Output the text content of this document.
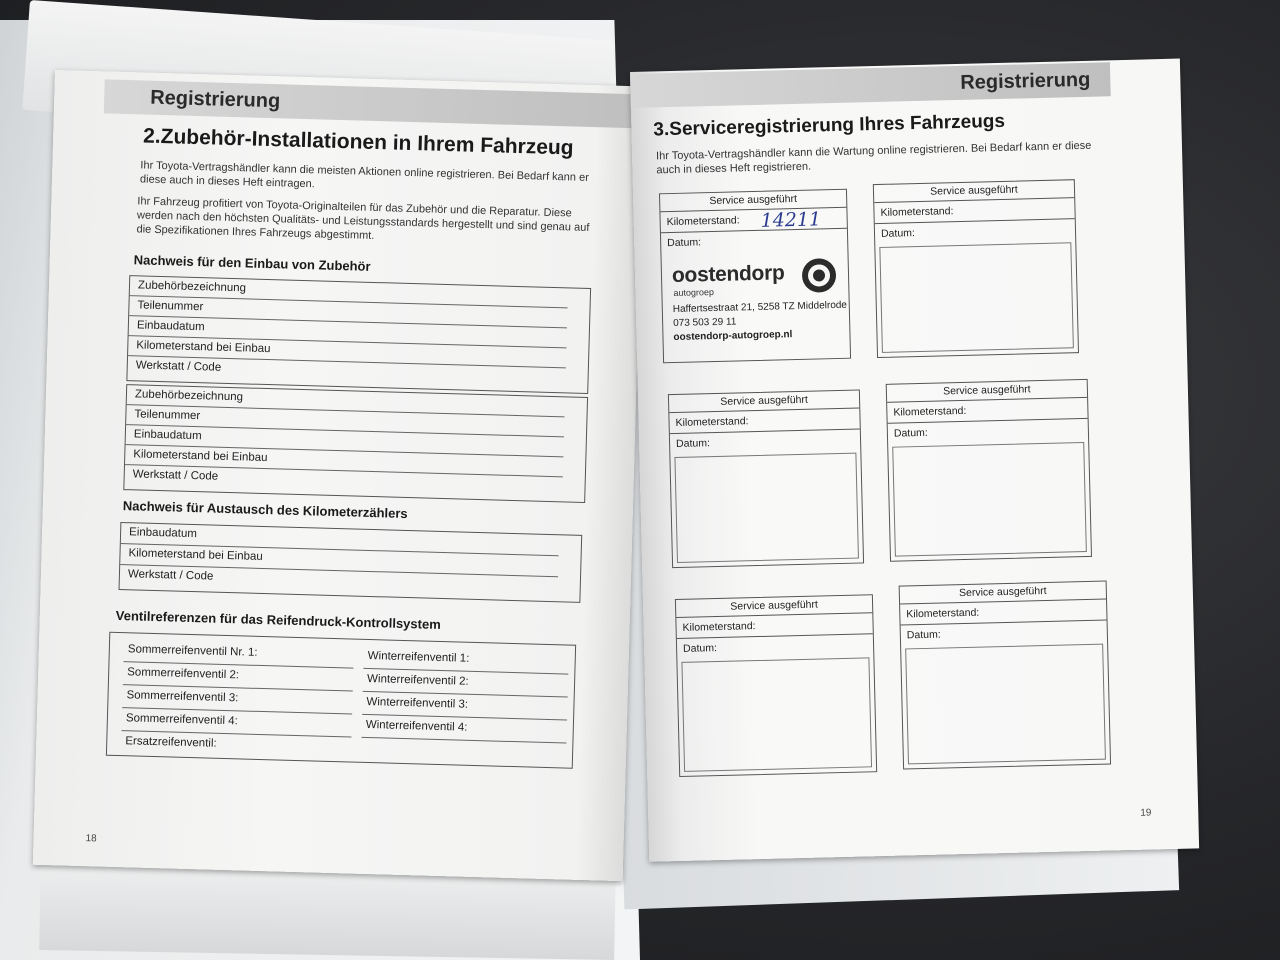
Registrierung
2.Zubehör-Installationen in Ihrem Fahrzeug
Ihr Toyota-Vertragshändler kann die meisten Aktionen online registrieren. Bei Bedarf kann er diese auch in dieses Heft eintragen.
Ihr Fahrzeug profitiert von Toyota-Originalteilen für das Zubehör und die Reparatur. Diese werden nach den höchsten Qualitäts- und Leistungsstandards hergestellt und sind genau auf die Spezifikationen Ihres Fahrzeugs abgestimmt.
Nachweis für den Einbau von Zubehör
Zubehörbezeichnung
Teilenummer
Einbaudatum
Kilometerstand bei Einbau
Werkstatt / Code
Zubehörbezeichnung
Teilenummer
Einbaudatum
Kilometerstand bei Einbau
Werkstatt / Code
Nachweis für Austausch des Kilometerzählers
Einbaudatum
Kilometerstand bei Einbau
Werkstatt / Code
Ventilreferenzen für das Reifendruck-Kontrollsystem
Sommerreifenventil Nr. 1:
Sommerreifenventil 2:
Sommerreifenventil 3:
Sommerreifenventil 4:
Ersatzreifenventil:
Winterreifenventil 1:
Winterreifenventil 2:
Winterreifenventil 3:
Winterreifenventil 4:
18
Registrierung
3.Serviceregistrierung Ihres Fahrzeugs
Ihr Toyota-Vertragshändler kann die Wartung online registrieren. Bei Bedarf kann er diese auch in dieses Heft registrieren.
Service ausgeführt
Kilometerstand:
Datum:
14211
oostendorp
autogroep
Haffertsestraat 21, 5258 TZ Middelrode
073 503 29 11
oostendorp-autogroep.nl
Service ausgeführt
Kilometerstand:
Datum:
Service ausgeführt
Kilometerstand:
Datum:
Service ausgeführt
Kilometerstand:
Datum:
Service ausgeführt
Kilometerstand:
Datum:
Service ausgeführt
Kilometerstand:
Datum:
19
